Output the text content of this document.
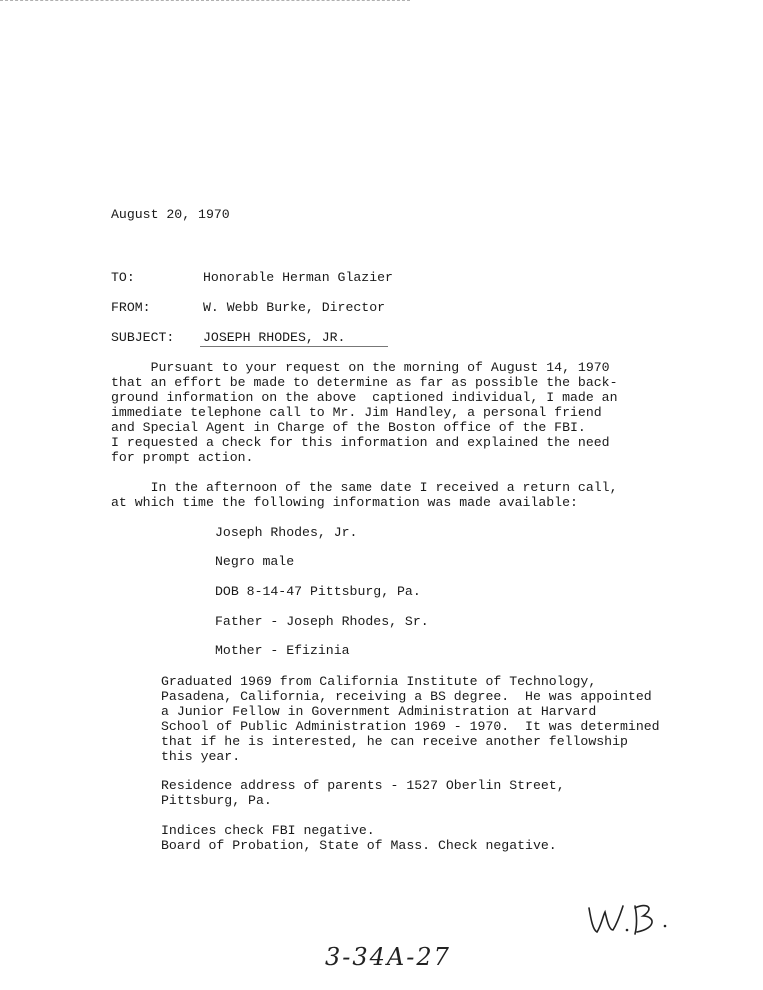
August 20, 1970
TO:	Honorable Herman Glazier
FROM:	W. Webb Burke, Director
SUBJECT: JOSEPH RHODES, JR.
Pursuant to your request on the morning of August 14, 1970
that an effort be made to determine as far as possible the back-
ground information on the above  captioned individual, I made an
immediate telephone call to Mr. Jim Handley, a personal friend
and Special Agent in Charge of the Boston office of the FBI.
I requested a check for this information and explained the need
for prompt action.
In the afternoon of the same date I received a return call,
at which time the following information was made available:
Joseph Rhodes, Jr.
Negro male
DOB 8-14-47 Pittsburg, Pa.
Father - Joseph Rhodes, Sr.
Mother - Efizinia
Graduated 1969 from California Institute of Technology,
Pasadena, California, receiving a BS degree.  He was appointed
a Junior Fellow in Government Administration at Harvard
School of Public Administration 1969 - 1970.  It was determined
that if he is interested, he can receive another fellowship
this year.
Residence address of parents - 1527 Oberlin Street,
Pittsburg, Pa.
Indices check FBI negative.
Board of Probation, State of Mass. Check negative.
3-34A-27
